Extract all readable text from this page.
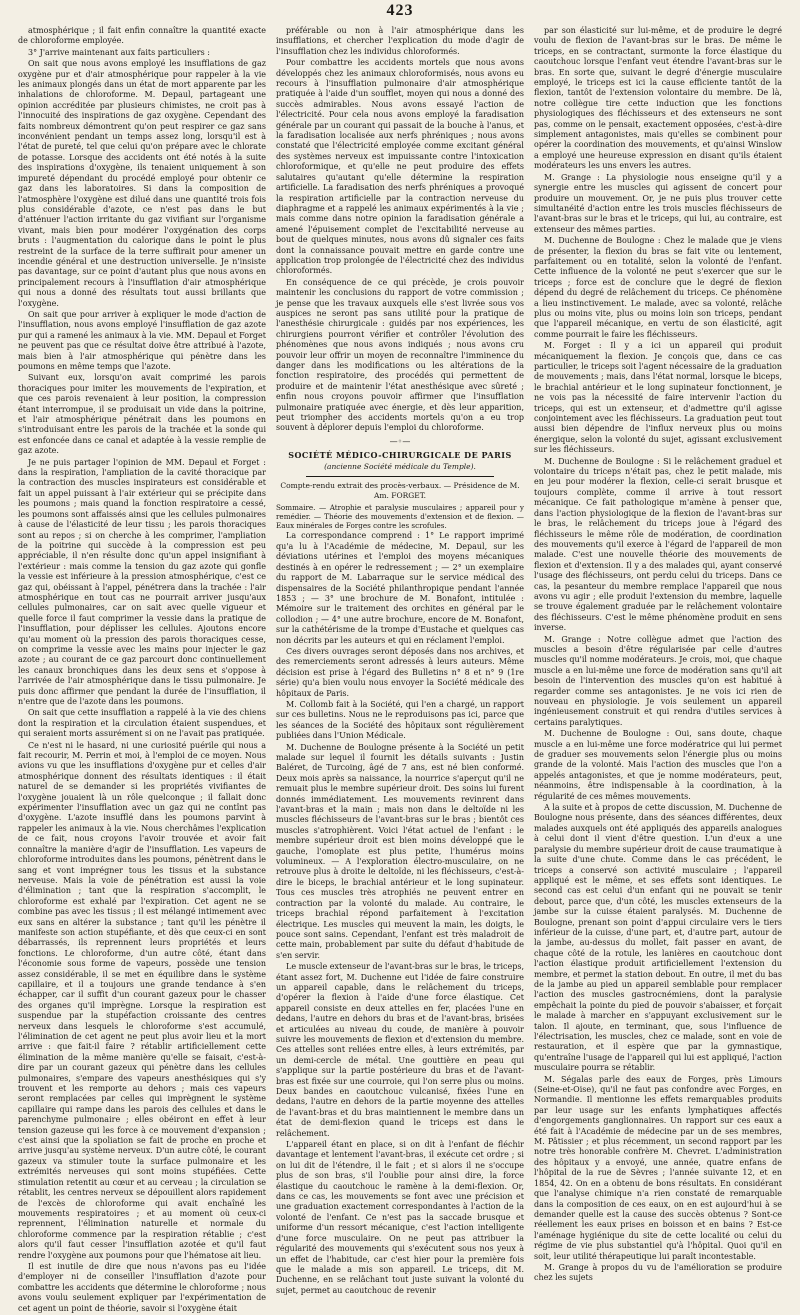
423

atmosphérique ; il fait enfin connaître la quantité exacte de chloroforme employée.

3° J'arrive maintenant aux faits particuliers :

On sait que nous avons employé les insufflations de gaz oxygène pur et d'air atmosphérique pour rappeler à la vie les animaux plongés dans un état de mort apparente par les inhalations de chloroforme. M. Depaul, partageant une opinion accréditée par plusieurs chimistes, ne croit pas à l'innocuité des inspirations de gaz oxygène. Cependant des faits nombreux démontrent qu'on peut respirer ce gaz sans inconvénient pendant un temps assez long, lorsqu'il est à l'état de pureté, tel que celui qu'on prépare avec le chlorate de potasse. Lorsque des accidents ont été notés à la suite des inspirations d'oxygène, ils tenaient uniquement à son impureté dépendant du procédé employé pour obtenir ce gaz dans les laboratoires. Si dans la composition de l'atmosphère l'oxygène est dilué dans une quantité trois fois plus considérable d'azote, ce n'est pas dans le but d'atténuer l'action irritante du gaz vivifiant sur l'organisme vivant, mais bien pour modérer l'oxygénation des corps bruts : l'augmentation du calorique dans le point le plus restreint de la surface de la terre suffirait pour amener un incendie général et une destruction universelle. Je n'insiste pas davantage, sur ce point d'autant plus que nous avons en principalement recours à l'insufflation d'air atmosphérique qui nous a donné des résultats tout aussi brillants que l'oxygène.

On sait que pour arriver à expliquer le mode d'action de l'insufflation, nous avons employé l'insufflation de gaz azote pur qui a ramené les animaux à la vie. MM. Depaul et Forget ne peuvent pas que ce résultat doive être attribué à l'azote, mais bien à l'air atmosphérique qui pénètre dans les poumons en même temps que l'azote.

Suivant eux, lorsqu'on avait comprimé les parois thoraciques pour imiter les mouvements de l'expiration, et que ces parois revenaient à leur position, la compression étant interrompue, il se produisait un vide dans la poitrine, et l'air atmosphérique pénétrait dans les poumons en s'introduisant entre les parois de la trachée et la sonde qui est enfoncée dans ce canal et adaptée à la vessie remplie de gaz azote.

Je ne puis partager l'opinion de MM. Depaul et Forget : dans la respiration, l'ampliation de la cavité thoracique par la contraction des muscles inspirateurs est considérable et fait un appel puissant à l'air extérieur qui se précipite dans les poumons ; mais quand la fonction respiratoire a cessé, les poumons sont affaissés ainsi que les cellules pulmonaires à cause de l'élasticité de leur tissu ; les parois thoraciques sont au repos ; si on cherche à les comprimer, l'ampliation de la poitrine qui succède à la compression est peu appréciable, il n'en résulte donc qu'un appel insignifiant à l'extérieur : mais comme la tension du gaz azote qui gonfle la vessie est inférieure à la pression atmosphérique, c'est ce gaz qui, obéissant à l'appel, pénétrera dans la trachée : l'air atmosphérique en tout cas ne pourrait arriver jusqu'aux cellules pulmonaires, car on sait avec quelle vigueur et quelle force il faut comprimer la vessie dans la pratique de l'insufflation, pour déplisser les cellules. Ajoutons encore qu'au moment où la pression des parois thoraciques cesse, on comprime la vessie avec les mains pour injecter le gaz azote ; au courant de ce gaz parcourt donc continuellement les canaux bronchiques dans les deux sens et s'oppose à l'arrivée de l'air atmosphérique dans le tissu pulmonaire. Je puis donc affirmer que pendant la durée de l'insufflation, il n'entre que de l'azote dans les poumons.

On sait que cette insufflation a rappelé à la vie des chiens dont la respiration et la circulation étaient suspendues, et qui seraient morts assurément si on ne l'avait pas pratiquée.

Ce n'est ni le hasard, ni une curiosité puérile qui nous a fait recourir, M. Perrin et moi, à l'emploi de ce moyen. Nous avions vu que les insufflations d'oxygène pur et celles d'air atmosphérique donnent des résultats identiques : il était naturel de se demander si les propriétés vivifiantes de l'oxygène jouaient là un rôle quelconque ; il fallait donc expérimenter l'insufflation avec un gaz qui ne contînt pas d'oxygène. L'azote insufflé dans les poumons parvint à rappeler les animaux à la vie. Nous cherchâmes l'explication de ce fait, nous croyons l'avoir trouvée et avoir fait connaître la manière d'agir de l'insufflation. Les vapeurs de chloroforme introduites dans les poumons, pénètrent dans le sang et vont imprégner tous les tissus et la substance nerveuse. Mais la voie de pénétration est aussi la voie d'élimination ; tant que la respiration s'accomplit, le chloroforme est exhalé par l'expiration. Cet agent ne se combine pas avec les tissus ; il est mélangé intimement avec eux sans en altérer la substance ; tant qu'il les pénètre il manifeste son action stupéfiante, et dès que ceux-ci en sont débarrassés, ils reprennent leurs propriétés et leurs fonctions. Le chloroforme, d'un autre côté, étant dans l'économie sous forme de vapeurs, possède une tension assez considérable, il se met en équilibre dans le système capillaire, et il a toujours une grande tendance à s'en échapper, car il suffit d'un courant gazeux pour le chasser des organes qu'il imprègne. Lorsque la respiration est suspendue par la stupéfaction croissante des centres nerveux dans lesquels le chloroforme s'est accumulé, l'élimination de cet agent ne peut plus avoir lieu et la mort arrive : que fait-il faire ? rétablir artificiellement cette élimination de la même manière qu'elle se faisait, c'est-à-dire par un courant gazeux qui pénètre dans les cellules pulmonaires, s'empare des vapeurs anesthésiques qui s'y trouvent et les remporte au dehors ; mais ces vapeurs seront remplacées par celles qui imprègnent le système capillaire qui rampe dans les parois des cellules et dans le parenchyme pulmonaire ; elles obéiront en effet à leur tension gazeuse qui les force à ce mouvement d'expansion ; c'est ainsi que la spoliation se fait de proche en proche et arrive jusqu'au système nerveux. D'un autre côté, le courant gazeux va stimuler toute la surface pulmonaire et les extrémités nerveuses qui sont moins stupéfiées. Cette stimulation retentit au cœur et au cerveau ; la circulation se rétablit, les centres nerveux se dépouillent alors rapidement de l'excès de chloroforme qui avait enchaîné les mouvements respiratoires ; et au moment où ceux-ci reprennent, l'élimination naturelle et normale du chloroforme commence par la respiration rétablie ; c'est alors qu'il faut cesser l'insufflation azotée et qu'il faut rendre l'oxygène aux poumons pour que l'hématose ait lieu.

Il est inutile de dire que nous n'avons pas eu l'idée d'employer ni de conseiller l'insufflation d'azote pour combattre les accidents que détermine le chloroforme ; nous avons voulu seulement expliquer par l'expérimentation de cet agent un point de théorie, savoir si l'oxygène était

préférable ou non à l'air atmosphérique dans les insufflations, et chercher l'explication du mode d'agir de l'insufflation chez les individus chloroformés.

Pour combattre les accidents mortels que nous avons développés chez les animaux chloroformisés, nous avons eu recours à l'insufflation pulmonaire d'air atmosphérique pratiquée à l'aide d'un soufflet, moyen qui nous a donné des succès admirables. Nous avons essayé l'action de l'électricité. Pour cela nous avons employé la faradisation générale par un courant qui passait de la bouche à l'anus, et la faradisation localisée aux nerfs phréniques ; nous avons constaté que l'électricité employée comme excitant général des systèmes nerveux est impuissante contre l'intoxication chloroformique, et qu'elle ne peut produire des effets salutaires qu'autant qu'elle détermine la respiration artificielle. La faradisation des nerfs phréniques a provoqué la respiration artificielle par la contraction nerveuse du diaphragme et a rappelé les animaux expérimentés à la vie ; mais comme dans notre opinion la faradisation générale a amené l'épuisement complet de l'excitabilité nerveuse au bout de quelques minutes, nous avons dû signaler ces faits dont la connaissance pouvait mettre en garde contre une application trop prolongée de l'électricité chez des individus chloroformés.

En conséquence de ce qui précède, je crois pouvoir maintenir les conclusions du rapport de votre commission ; je pense que les travaux auxquels elle s'est livrée sous vos auspices ne seront pas sans utilité pour la pratique de l'anesthésie chirurgicale : guidés par nos expériences, les chirurgiens pourront vérifier et contrôler l'évolution des phénomènes que nous avons indiqués ; nous avons cru pouvoir leur offrir un moyen de reconnaître l'imminence du danger dans les modifications ou les altérations de la fonction respiratoire, des procédés qui permettent de produire et de maintenir l'état anesthésique avec sûreté ; enfin nous croyons pouvoir affirmer que l'insufflation pulmonaire pratiquée avec énergie, et dès leur apparition, peut triompher des accidents mortels qu'on a eu trop souvent à déplorer depuis l'emploi du chloroforme.

—◦—

SOCIÉTÉ MÉDICO-CHIRURGICALE DE PARIS

(ancienne Société médicale du Temple).

Compte-rendu extrait des procès-verbaux. — Présidence de M. Am. FORGET.

Sommaire. — Atrophie et paralysie musculaires ; appareil pour y remédier. — Théorie des mouvements d'extension et de flexion. — Eaux minérales de Forges contre les scrofules.

La correspondance comprend : 1° Le rapport imprimé qu'a lu à l'Académie de médecine, M. Depaul, sur les déviations utérines et l'emploi des moyens mécaniques destinés à en opérer le redressement ; — 2° un exemplaire du rapport de M. Labarraque sur le service médical des dispensaires de la Société philanthropique pendant l'année 1853 ; — 3° une brochure de M. Bonafont, intitulée : Mémoire sur le traitement des orchites en général par le collodion ; — 4° une autre brochure, encore de M. Bonafont, sur la cathétérisme de la trompe d'Eustache et quelques cas non décrits par les auteurs et qui en réclament l'emploi.

Ces divers ouvrages seront déposés dans nos archives, et des remerciements seront adressés à leurs auteurs. Même décision est prise à l'égard des Bulletins n° 8 et n° 9 (1re série) qu'a bien voulu nous envoyer la Société médicale des hôpitaux de Paris.

M. Collomb fait à la Société, qui l'en a chargé, un rapport sur ces bulletins. Nous ne le reproduisons pas ici, parce que les séances de la Société des hôpitaux sont régulièrement publiées dans l'Union Médicale.

M. Duchenne de Boulogne présente à la Société un petit malade sur lequel il fournit les détails suivants : Justin Baléret, de Turcoing, âgé de 7 ans, est né bien conformé. Deux mois après sa naissance, la nourrice s'aperçut qu'il ne remuait plus le membre supérieur droit. Des soins lui furent donnés immédiatement. Les mouvements revinrent dans l'avant-bras et la main ; mais non dans le deltoïde ni les muscles fléchisseurs de l'avant-bras sur le bras ; bientôt ces muscles s'atrophièrent. Voici l'état actuel de l'enfant : le membre supérieur droit est bien moins développé que le gauche, l'omoplate est plus petite, l'humérus moins volumineux. — A l'exploration électro-musculaire, on ne retrouve plus à droite le deltoïde, ni les fléchisseurs, c'est-à-dire le biceps, le brachial antérieur et le long supinateur. Tous ces muscles très atrophiés ne peuvent entrer en contraction par la volonté du malade. Au contraire, le triceps brachial répond parfaitement à l'excitation électrique. Les muscles qui meuvent la main, les doigts, le pouce sont sains. Cependant, l'enfant est très maladroit de cette main, probablement par suite du défaut d'habitude de s'en servir.

Le muscle extenseur de l'avant-bras sur le bras, le triceps, étant assez fort, M. Duchenne eut l'idée de faire construire un appareil capable, dans le relâchement du triceps, d'opérer la flexion à l'aide d'une force élastique. Cet appareil consiste en deux attelles en fer, placées l'une en dedans, l'autre en dehors du bras et de l'avant-bras, brisées et articulées au niveau du coude, de manière à pouvoir suivre les mouvements de flexion et d'extension du membre. Ces attelles sont reliées entre elles, à leurs extrémités, par un demi-cercle de métal. Une gouttière en peau qui s'applique sur la partie postérieure du bras et de l'avant-bras est fixée sur une courroie, qui l'on serre plus ou moins. Deux bandes en caoutchouc vulcanisé, fixées l'une en dedans, l'autre en dehors de la partie moyenne des attelles de l'avant-bras et du bras maintiennent le membre dans un état de demi-flexion quand le triceps est dans le relâchement.

L'appareil étant en place, si on dit à l'enfant de fléchir davantage et lentement l'avant-bras, il exécute cet ordre ; si on lui dit de l'étendre, il le fait ; et si alors il ne s'occupe plus de son bras, s'il l'oublie pour ainsi dire, la force élastique du caoutchouc le ramène à la demi-flexion. Or, dans ce cas, les mouvements se font avec une précision et une graduation exactement correspondantes à l'action de la volonté de l'enfant. Ce n'est pas la saccade brusque et uniforme d'un ressort mécanique, c'est l'action intelligente d'une force musculaire. On ne peut pas attribuer la régularité des mouvements qui s'exécutent sous nos yeux à un effet de l'habitude, car c'est hier pour la première fois que le malade a mis son appareil. Le triceps, dit M. Duchenne, en se relâchant tout juste suivant la volonté du sujet, permet au caoutchouc de revenir

par son élasticité sur lui-même, et de produire le degré voulu de flexion de l'avant-bras sur le bras. De même le triceps, en se contractant, surmonte la force élastique du caoutchouc lorsque l'enfant veut étendre l'avant-bras sur le bras. En sorte que, suivant le degré d'énergie musculaire employé, le triceps est ici la cause efficiente tantôt de la flexion, tantôt de l'extension volontaire du membre. De là, notre collègue tire cette induction que les fonctions physiologiques des fléchisseurs et des extenseurs ne sont pas, comme on le pensait, exactement opposées, c'est-à-dire simplement antagonistes, mais qu'elles se combinent pour opérer la coordination des mouvements, et qu'ainsi Winslow a employé une heureuse expression en disant qu'ils étaient modérateurs les uns envers les autres.

M. Grange : La physiologie nous enseigne qu'il y a synergie entre les muscles qui agissent de concert pour produire un mouvement. Or, je ne puis plus trouver cette simultanéité d'action entre les trois muscles fléchisseurs de l'avant-bras sur le bras et le triceps, qui lui, au contraire, est extenseur des mêmes parties.

M. Duchenne de Boulogne : Chez le malade que je viens de présenter, la flexion du bras se fait vite ou lentement, parfaitement ou en totalité, selon la volonté de l'enfant. Cette influence de la volonté ne peut s'exercer que sur le triceps ; force est de conclure que le degré de flexion dépend du degré de relâchement du triceps. Ce phénomène a lieu instinctivement. Le malade, avec sa volonté, relâche plus ou moins vite, plus ou moins loin son triceps, pendant que l'appareil mécanique, en vertu de son élasticité, agit comme pourrait le faire les fléchisseurs.

M. Forget : Il y a ici un appareil qui produit mécaniquement la flexion. Je conçois que, dans ce cas particulier, le triceps soit l'agent nécessaire de la graduation de mouvements ; mais, dans l'état normal, lorsque le biceps, le brachial antérieur et le long supinateur fonctionnent, je ne vois pas la nécessité de faire intervenir l'action du triceps, qui est un extenseur, et d'admettre qu'il agisse conjointement avec les fléchisseurs. La graduation peut tout aussi bien dépendre de l'influx nerveux plus ou moins énergique, selon la volonté du sujet, agissant exclusivement sur les fléchisseurs.

M. Duchenne de Boulogne : Si le relâchement graduel et volontaire du triceps n'était pas, chez le petit malade, mis en jeu pour modérer la flexion, celle-ci serait brusque et toujours complète, comme il arrive à tout ressort mécanique. Ce fait pathologique m'amène à penser que, dans l'action physiologique de la flexion de l'avant-bras sur le bras, le relâchement du triceps joue à l'égard des fléchisseurs le même rôle de modération, de coordination des mouvements qu'il exerce à l'égard de l'appareil de mon malade. C'est une nouvelle théorie des mouvements de flexion et d'extension. Il y a des malades qui, ayant conservé l'usage des fléchisseurs, ont perdu celui du triceps. Dans ce cas, la pesanteur du membre remplace l'appareil que nous avons vu agir ; elle produit l'extension du membre, laquelle se trouve également graduée par le relâchement volontaire des fléchisseurs. C'est le même phénomène produit en sens inverse.

M. Grange : Notre collègue admet que l'action des muscles a besoin d'être régularisée par celle d'autres muscles qu'il nomme modérateurs. Je crois, moi, que chaque muscle a en lui-même une force de modération sans qu'il ait besoin de l'intervention des muscles qu'on est habitué à regarder comme ses antagonistes. Je ne vois ici rien de nouveau en physiologie. Je vois seulement un appareil ingénieusement construit et qui rendra d'utiles services à certains paralytiques.

M. Duchenne de Boulogne : Oui, sans doute, chaque muscle a en lui-même une force modératrice qui lui permet de graduer ses mouvements selon l'énergie plus ou moins grande de la volonté. Mais l'action des muscles que l'on a appelés antagonistes, et que je nomme modérateurs, peut, néanmoins, être indispensable à la coordination, à la régularité de ces mêmes mouvements.

A la suite et à propos de cette discussion, M. Duchenne de Boulogne nous présente, dans des séances différentes, deux malades auxquels ont été appliqués des appareils analogues à celui dont il vient d'être question. L'un d'eux a une paralysie du membre supérieur droit de cause traumatique à la suite d'une chute. Comme dans le cas précédent, le triceps a conservé son activité musculaire ; l'appareil appliqué est le même, et ses effets sont identiques. Le second cas est celui d'un enfant qui ne pouvait se tenir debout, parce que, d'un côté, les muscles extenseurs de la jambe sur la cuisse étaient paralysés. M. Duchenne de Boulogne, prenant son point d'appui circulaire vers le tiers inférieur de la cuisse, d'une part, et, d'autre part, autour de la jambe, au-dessus du mollet, fait passer en avant, de chaque côté de la rotule, les lanières en caoutchouc dont l'action élastique produit artificiellement l'extension du membre, et permet la station debout. En outre, il met du bas de la jambe au pied un appareil semblable pour remplacer l'action des muscles gastrocnémiens, dont la paralysie empêchait la pointe du pied de pouvoir s'abaisser, et forçait le malade à marcher en s'appuyant exclusivement sur le talon. Il ajoute, en terminant, que, sous l'influence de l'électrisation, les muscles, chez ce malade, sont en voie de restauration, et il espère que par la gymnastique, qu'entraîne l'usage de l'appareil qui lui est appliqué, l'action musculaire pourra se rétablir.

M. Ségalas parle des eaux de Forges, près Limours (Seine-et-Oise), qu'il ne faut pas confondre avec Forges, en Normandie. Il mentionne les effets remarquables produits par leur usage sur les enfants lymphatiques affectés d'engorgements ganglionnaires. Un rapport sur ces eaux a été fait à l'Académie de médecine par un de ses membres, M. Pâtissier ; et plus récemment, un second rapport par les notre très honorable confrère M. Chevret. L'administration des hôpitaux y a envoyé, une année, quatre enfans de l'hôpital de la rue de Sèvres ; l'année suivante 12, et en 1854, 42. On en a obtenu de bons résultats. En considérant que l'analyse chimique n'a rien constaté de remarquable dans la composition de ces eaux, on en est aujourd'hui à se demander quelle est la cause des succès obtenus ? Sont-ce réellement les eaux prises en boisson et en bains ? Est-ce l'aménage hygiénique du site de cette localité ou celui du régime de vie plus substantiel qu'à l'hôpital. Quoi qu'il en soit, leur utilité thérapeutique lui paraît incontestable.

M. Grange à propos du vu de l'amélioration se produire chez les sujets
